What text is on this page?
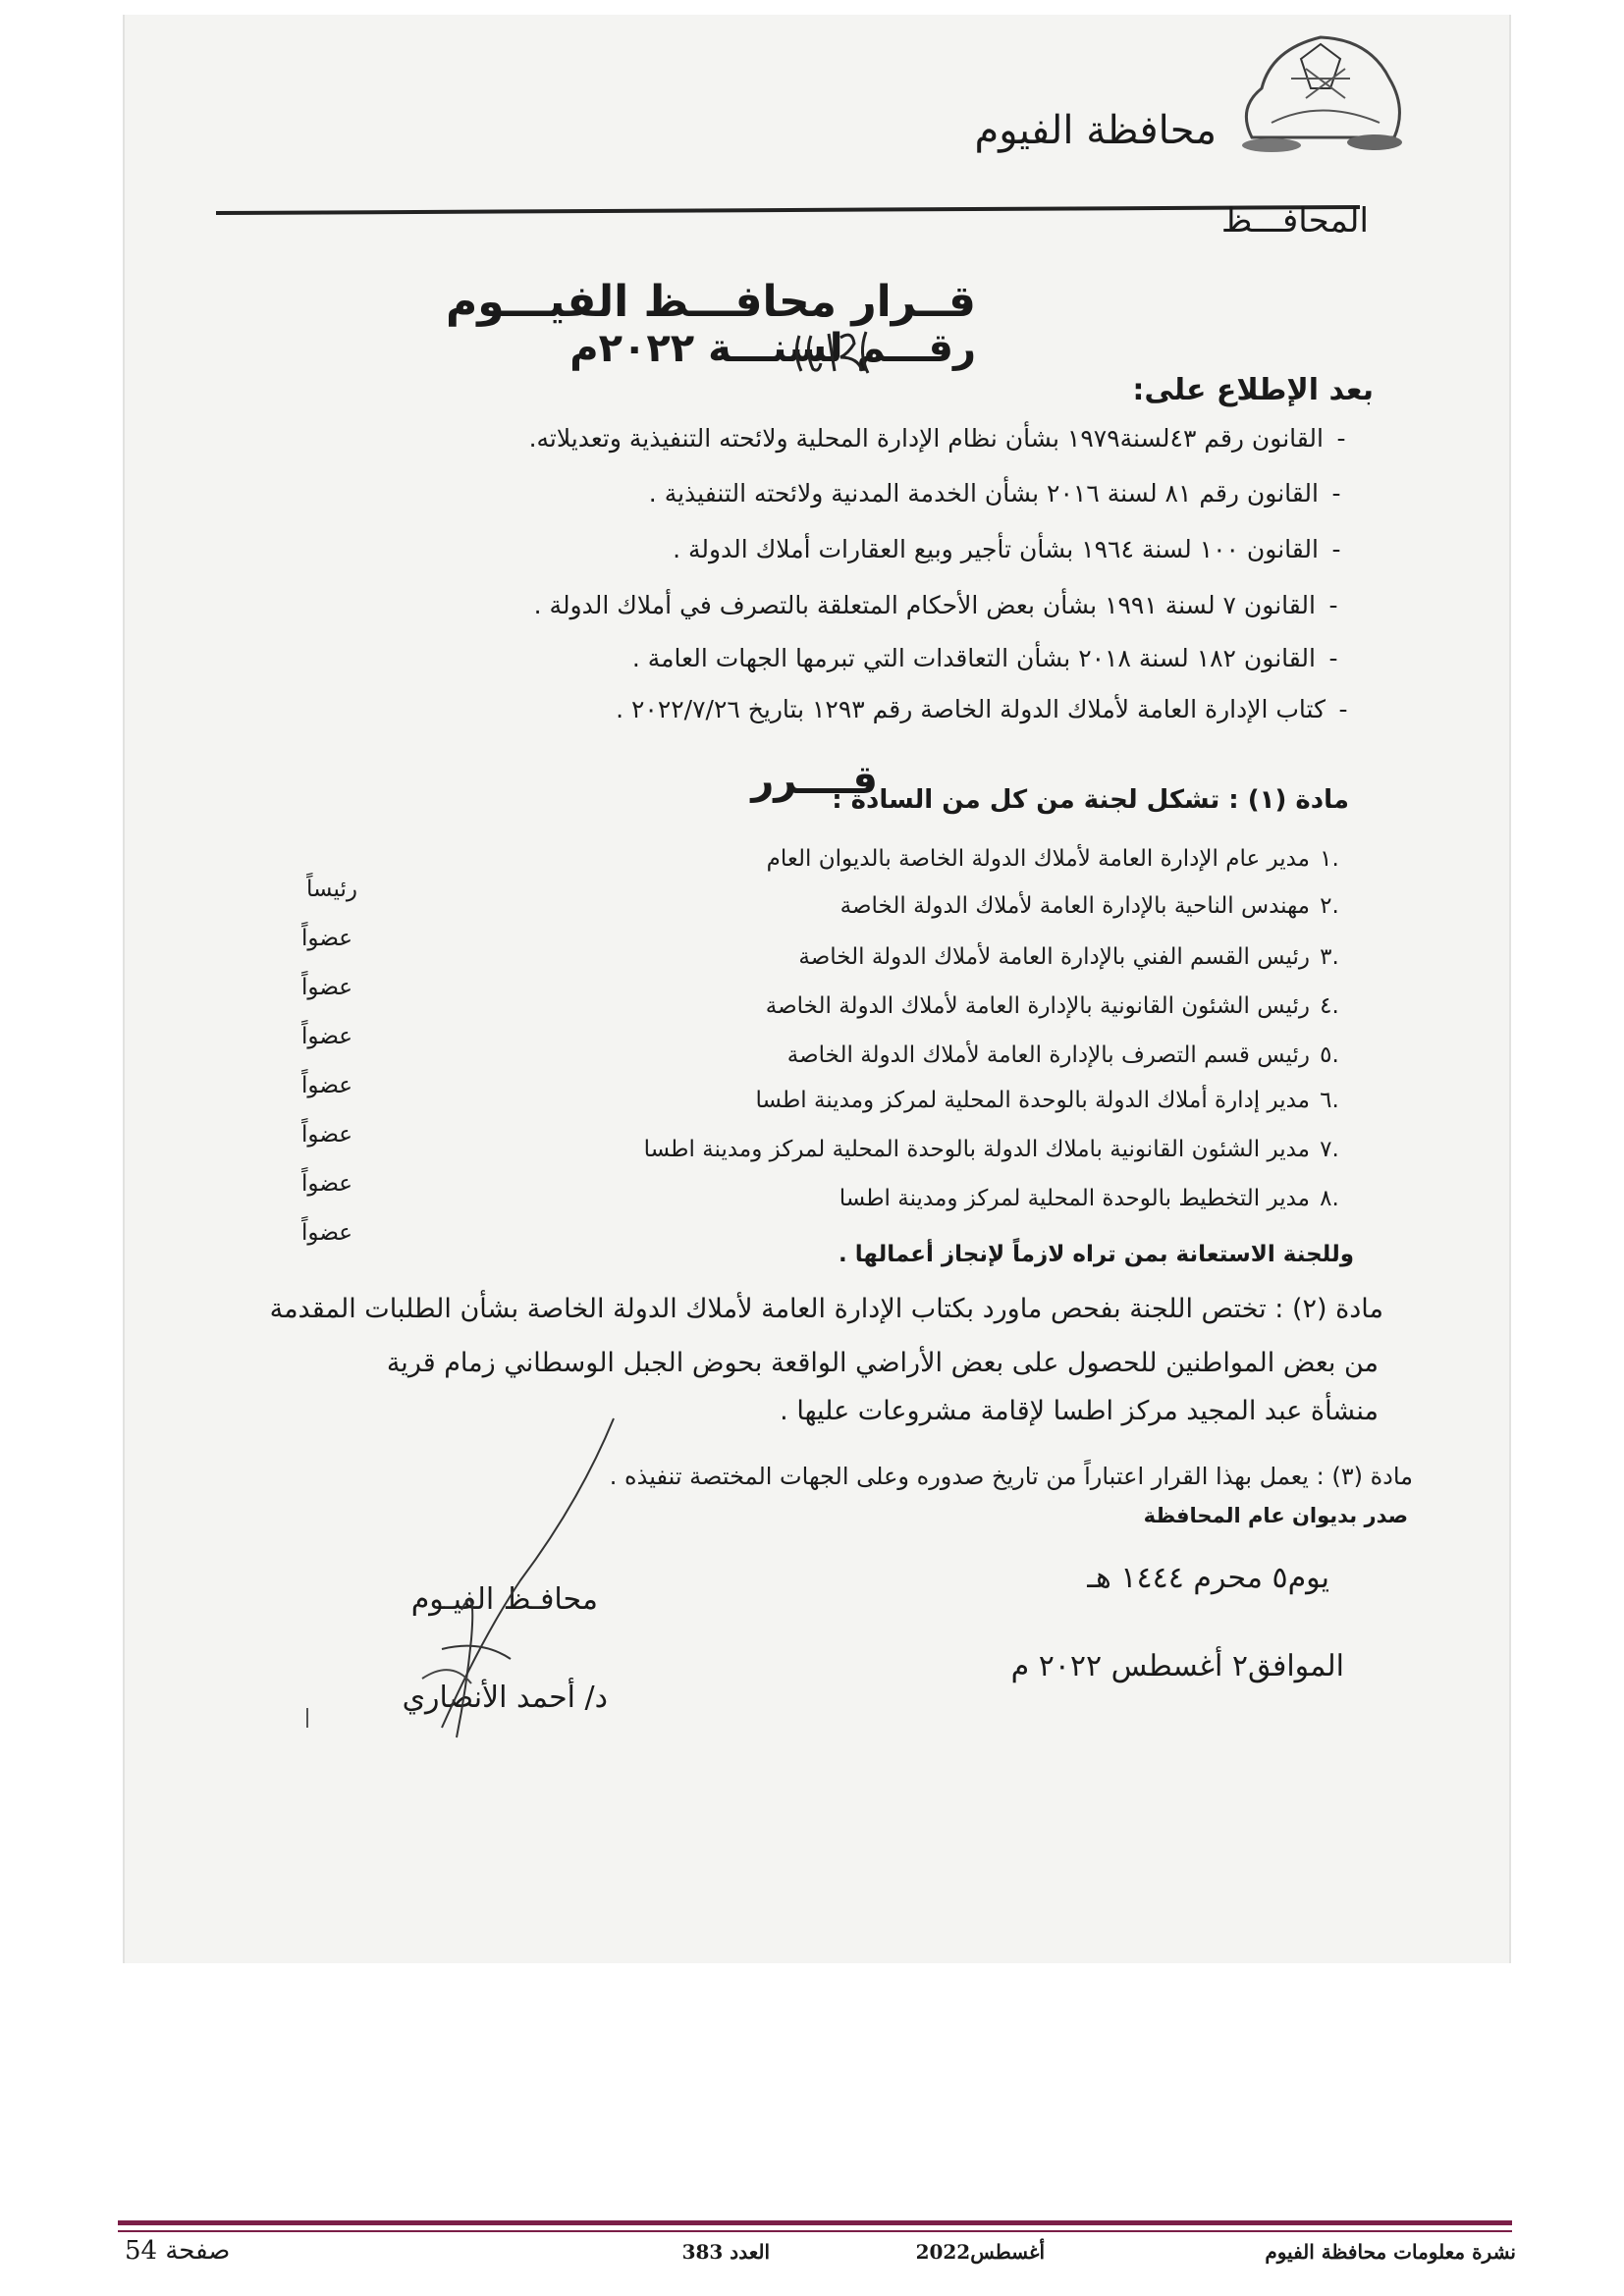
محافظة الفيوم
المحافـــظ
قــرار محافـــظ الفيـــوم
رقـــم لسنـــة ٢٠٢٢م
بعد الإطلاع على:
-القانون رقم ٤٣لسنة١٩٧٩ بشأن نظام الإدارة المحلية ولائحته التنفيذية وتعديلاته.
-القانون رقم ٨١ لسنة ٢٠١٦ بشأن الخدمة المدنية ولائحته التنفيذية .
-القانون ١٠٠ لسنة ١٩٦٤ بشأن تأجير وبيع العقارات أملاك الدولة .
-القانون ٧ لسنة ١٩٩١ بشأن بعض الأحكام المتعلقة بالتصرف في أملاك الدولة .
-القانون ١٨٢ لسنة ٢٠١٨ بشأن التعاقدات التي تبرمها الجهات العامة .
-كتاب الإدارة العامة لأملاك الدولة الخاصة رقم ١٢٩٣ بتاريخ ٢٠٢٢/٧/٢٦ .
قــــرر
مادة (١) : تشكل لجنة من كل من السادة :
.١مدير عام الإدارة العامة لأملاك الدولة الخاصة بالديوان العام
.٢مهندس الناحية بالإدارة العامة لأملاك الدولة الخاصة
.٣رئيس القسم الفني بالإدارة العامة لأملاك الدولة الخاصة
.٤رئيس الشئون القانونية بالإدارة العامة لأملاك الدولة الخاصة
.٥رئيس قسم التصرف بالإدارة العامة لأملاك الدولة الخاصة
.٦مدير إدارة أملاك الدولة بالوحدة المحلية لمركز ومدينة اطسا
.٧مدير الشئون القانونية باملاك الدولة بالوحدة المحلية لمركز ومدينة اطسا
.٨مدير التخطيط بالوحدة المحلية لمركز ومدينة اطسا
رئيساً
عضواً
عضواً
عضواً
عضواً
عضواً
عضواً
عضواً
وللجنة الاستعانة بمن تراه لازماً لإنجاز أعمالها .
مادة (٢) : تختص اللجنة بفحص ماورد بكتاب الإدارة العامة لأملاك الدولة الخاصة بشأن الطلبات المقدمة
من بعض المواطنين للحصول على بعض الأراضي الواقعة بحوض الجبل الوسطاني زمام قرية
منشأة عبد المجيد مركز اطسا لإقامة مشروعات عليها .
مادة (٣) : يعمل بهذا القرار اعتباراً من تاريخ صدوره وعلى الجهات المختصة تنفيذه .
صدر بديوان عام المحافظة
يوم٥ محرم ١٤٤٤ هـ
الموافق٢ أغسطس ٢٠٢٢ م
محافـظ الفيـوم
د/ أحمد الأنصاري
نشرة معلومات محافظة الفيوم
أغسطس2022
العدد 383
صفحة 54
